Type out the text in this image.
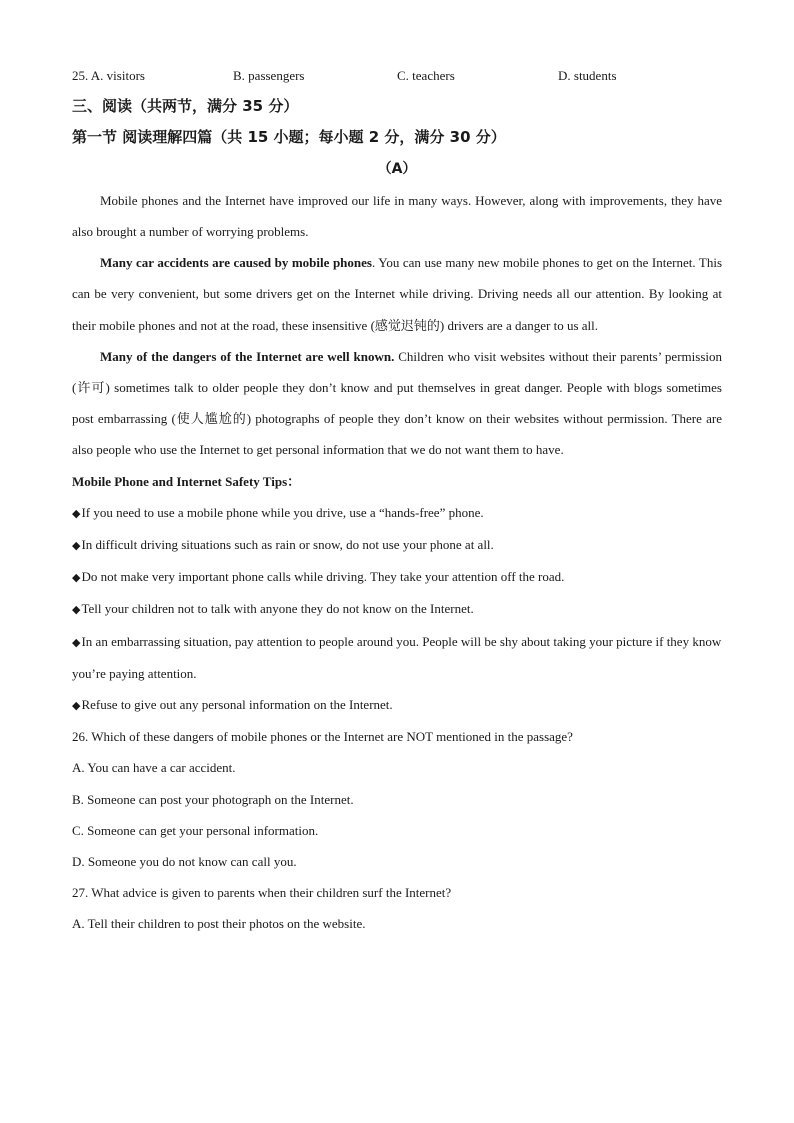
25. A. visitors	B. passengers	C. teachers	D. students
三、阅读（共两节，满分 35 分）
第一节 阅读理解四篇（共 15 小题；每小题 2 分，满分 30 分）
（A）

Mobile phones and the Internet have improved our life in many ways. However, along with improvements, they have also brought a number of worrying problems.

Many car accidents are caused by mobile phones. You can use many new mobile phones to get on the Internet. This can be very convenient, but some drivers get on the Internet while driving. Driving needs all our attention. By looking at their mobile phones and not at the road, these insensitive (感觉迟钝的) drivers are a danger to us all.

Many of the dangers of the Internet are well known. Children who visit websites without their parents’ permission (许可) sometimes talk to older people they don’t know and put themselves in great danger. People with blogs sometimes post embarrassing (使人尴尬的) photographs of people they don’t know on their websites without permission. There are also people who use the Internet to get personal information that we do not want them to have.

Mobile Phone and Internet Safety Tips：

◆If you need to use a mobile phone while you drive, use a “hands-free” phone.

◆In difficult driving situations such as rain or snow, do not use your phone at all.

◆Do not make very important phone calls while driving. They take your attention off the road.

◆Tell your children not to talk with anyone they do not know on the Internet.

◆In an embarrassing situation, pay attention to people around you. People will be shy about taking your picture if they know you’re paying attention.

◆Refuse to give out any personal information on the Internet.

26. Which of these dangers of mobile phones or the Internet are NOT mentioned in the passage?
A. You can have a car accident.
B. Someone can post your photograph on the Internet.
C. Someone can get your personal information.
D. Someone you do not know can call you.
27. What advice is given to parents when their children surf the Internet?
A. Tell their children to post their photos on the website.
